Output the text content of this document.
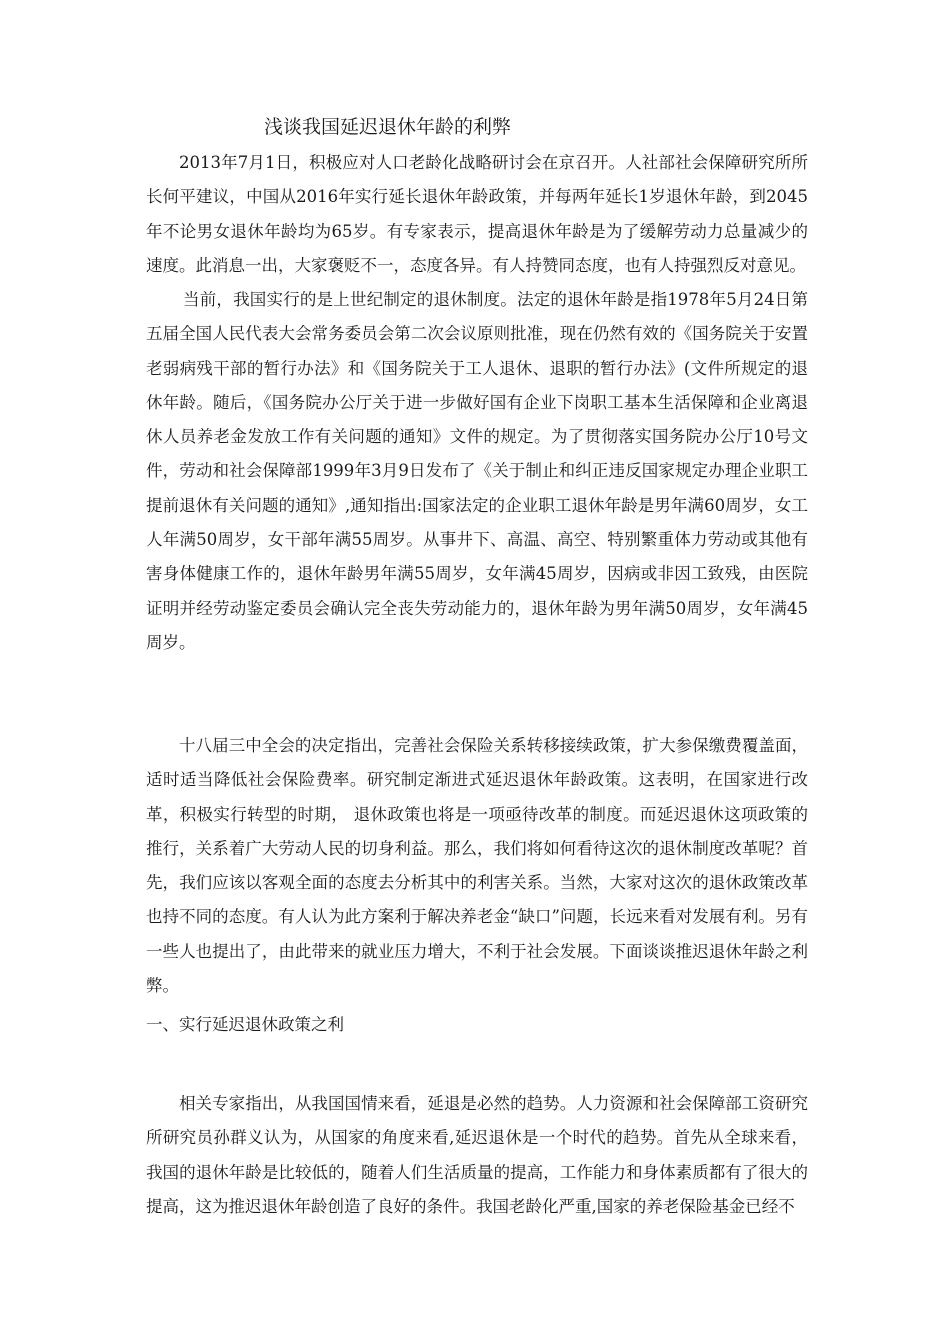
浅谈我国延迟退休年龄的利弊

2013年7月1日，积极应对人口老龄化战略研讨会在京召开。人社部社会保障研究所所长何平建议，中国从2016年实行延长退休年龄政策，并每两年延长1岁退休年龄，到2045年不论男女退休年龄均为65岁。有专家表示，提高退休年龄是为了缓解劳动力总量减少的速度。此消息一出，大家褒贬不一，态度各异。有人持赞同态度，也有人持强烈反对意见。

当前，我国实行的是上世纪制定的退休制度。法定的退休年龄是指1978年5月24日第五届全国人民代表大会常务委员会第二次会议原则批准，现在仍然有效的《国务院关于安置老弱病残干部的暂行办法》和《国务院关于工人退休、退职的暂行办法》(文件所规定的退休年龄。随后，《国务院办公厅关于进一步做好国有企业下岗职工基本生活保障和企业离退休人员养老金发放工作有关问题的通知》文件的规定。为了贯彻落实国务院办公厅10号文件，劳动和社会保障部1999年3月9日发布了《关于制止和纠正违反国家规定办理企业职工提前退休有关问题的通知》,通知指出:国家法定的企业职工退休年龄是男年满60周岁，女工人年满50周岁，女干部年满55周岁。从事井下、高温、高空、特别繁重体力劳动或其他有害身体健康工作的，退休年龄男年满55周岁，女年满45周岁，因病或非因工致残，由医院证明并经劳动鉴定委员会确认完全丧失劳动能力的，退休年龄为男年满50周岁，女年满45周岁。

十八届三中全会的决定指出，完善社会保险关系转移接续政策，扩大参保缴费覆盖面，适时适当降低社会保险费率。研究制定渐进式延迟退休年龄政策。这表明，在国家进行改革，积极实行转型的时期， 退休政策也将是一项亟待改革的制度。而延迟退休这项政策的推行，关系着广大劳动人民的切身利益。那么，我们将如何看待这次的退休制度改革呢？首先，我们应该以客观全面的态度去分析其中的利害关系。当然，大家对这次的退休政策改革也持不同的态度。有人认为此方案利于解决养老金“缺口”问题，长远来看对发展有利。另有一些人也提出了，由此带来的就业压力增大，不利于社会发展。下面谈谈推迟退休年龄之利弊。

一、实行延迟退休政策之利

相关专家指出，从我国国情来看，延退是必然的趋势。人力资源和社会保障部工资研究所研究员孙群义认为，从国家的角度来看,延迟退休是一个时代的趋势。首先从全球来看，我国的退休年龄是比较低的，随着人们生活质量的提高，工作能力和身体素质都有了很大的提高，这为推迟退休年龄创造了良好的条件。我国老龄化严重,国家的养老保险基金已经不
